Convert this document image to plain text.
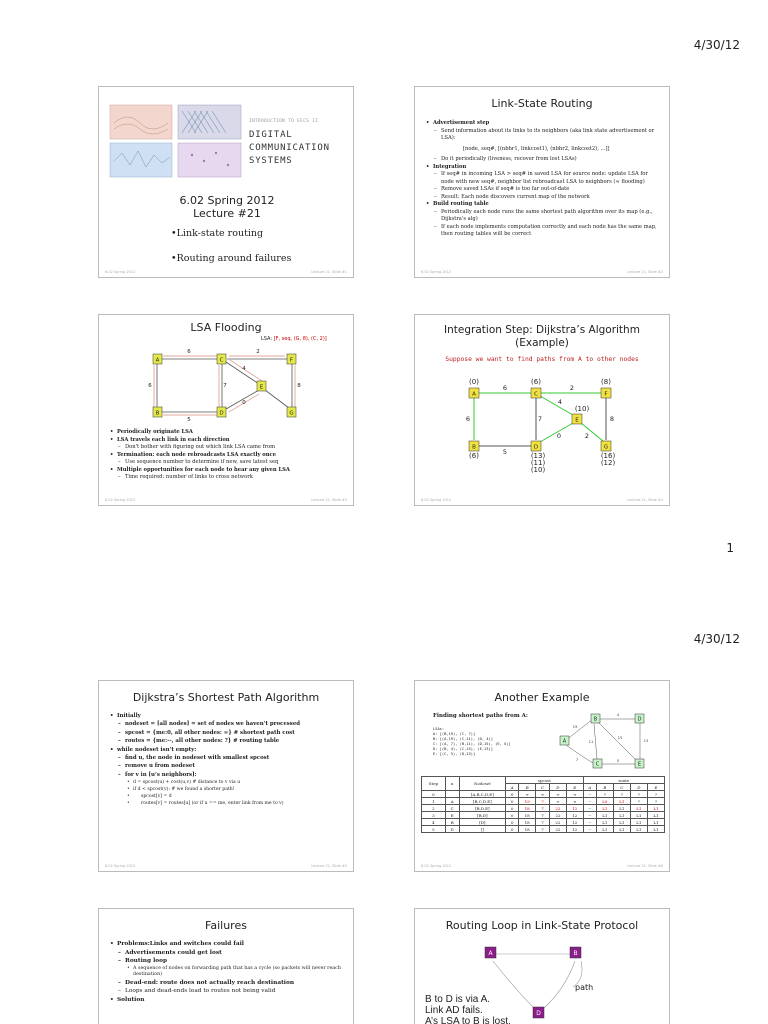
4/30/12
1
4/30/12
INTRODUCTION TO EECS II
DIGITAL
COMMUNICATION
SYSTEMS
6.02 Spring 2012
Lecture #21
•Link-state routing
•Routing around failures
6.02 Spring 2012	Lecture 21, Slide #1
Link-State Routing
• Advertisement step
– Send information about its links to its neighbors (aka link state advertisement or LSA):
[node, seq#, [(nbhr1, linkcost1), (nbhr2, linkcost2), ...]]
– Do it periodically (liveness, recover from lost LSAs)
• Integration
– If seq# in incoming LSA > seq# in saved LSA for source node: update LSA for node with new seq#, neighbor list rebroadcast LSA to neighbors (≈ flooding)
– Remove saved LSAs if seq# is too far out-of-date
– Result: Each node discovers current map of the network
• Build routing table
– Periodically each node runs the same shortest path algorithm over its map (e.g., Dijkstra's alg)
– If each node implements computation correctly and each node has the same map, then routing tables will be correct
6.02 Spring 2012	Lecture 21, Slide #2
LSA Flooding
LSA: [F, seq, (G, 8), (C, 2)]
A
B
C
D
E
F
G
6	2
6	7
4
8
5
0
• Periodically originate LSA
• LSA travels each link in each direction
– Don't bother with figuring out which link LSA came from
• Termination: each node rebroadcasts LSA exactly once
– Use sequence number to determine if new, save latest seq
• Multiple opportunities for each node to hear any given LSA
– Time required: number of links to cross network
6.02 Spring 2012	Lecture 21, Slide #3
Integration Step: Dijkstra’s Algorithm
(Example)
Suppose we want to find paths from A to other nodes
A
B
C
D
E
F
G
(0)	(6)	(8)
(10)
(6)	(13)
(11)
(10)
(16)
(12)
6	2
6	7
4
8
5
0	2
6.02 Spring 2012	Lecture 21, Slide #4
Dijkstra’s Shortest Path Algorithm
• Initially
– nodeset = [all nodes] = set of nodes we haven’t processed
– spcost = {me:0, all other nodes: ∞} # shortest path cost
– routes = {me:--, all other nodes: ?} # routing table
• while nodeset isn’t empty:
– find u, the node in nodeset with smallest spcost
– remove u from nodeset
– for v in [u’s neighbors]:
• d = spcost(u) + cost(u,v) # distance to v via u
• if d < spcost(v): # we found a shorter path!
• spcost[v] = d
• routes[v] = routes[u] (or if u == me, enter link from me to v)
6.02 Spring 2012	Lecture 21, Slide #5
Another Example
Finding shortest paths from A:
LSAs:
A: [(B,19), (C, 7)]
B: [(A,19), (C,11), (D, 4)]
C: [(A, 7), (B,11), (D,15), (E, 5)]
D: [(B, 4), (C,15), (E,13)]
E: [(C, 5), (D,13)]
A
B
C
D
E
19
4
11
15
13
7	5
Step	u	Nodeset	spcost					route				
			A	B	C	D	E	A	B	C	D	E
0		[A,B,C,D,E]	0	∞	∞	∞	∞	--	?	?	?	?
1	A	[B,C,D,E]	0	19	7	∞	∞	--	L0	L1	?	?
2	C	[B,D,E]	0	18	7	22	12	--	L1	L1	L1	L1
3	E	[B,D]	0	18	7	22	12	--	L1	L1	L1	L1
4	B	[D]	0	18	7	22	12	--	L1	L1	L1	L1
5	D	[]	0	18	7	22	12	--	L1	L1	L1	L1
6.02 Spring 2012	Lecture 21, Slide #6
Failures
• Problems:Links and switches could fail
– Advertisements could get lost
– Routing loop
• A sequence of nodes on forwarding path that has a cycle (so packets will never reach destination)
– Dead-end: route does not actually reach destination
– Loops and dead-ends lead to routes not being valid
• Solution
Routing Loop in Link-State Protocol
A	B
D
path
B to D is via A.
Link AD fails.
A’s LSA to B is lost.
